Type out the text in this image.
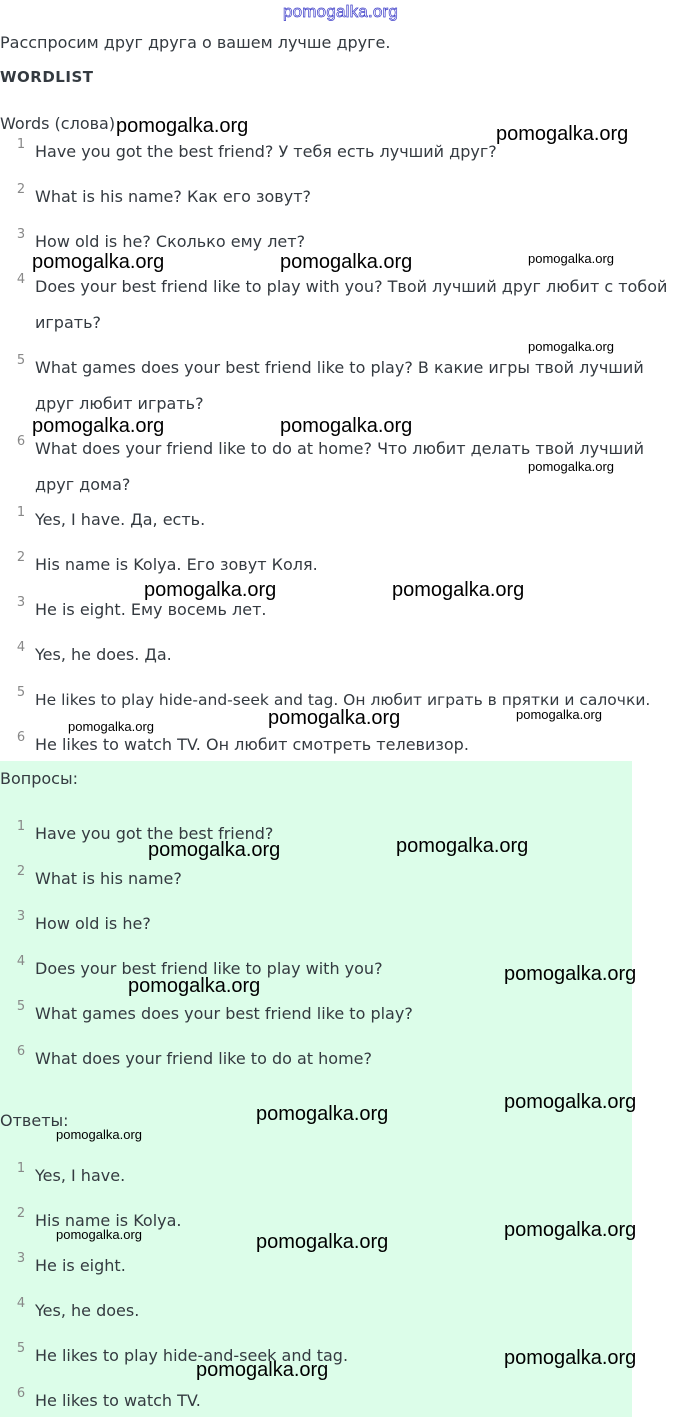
pomogalka.org
Расспросим друг друга о вашем лучше друге.
WORDLIST
Words (слова)
1 Have you got the best friend? У тебя есть лучший друг?
2 What is his name? Как его зовут?
3 How old is he? Сколько ему лет?
4 Does your best friend like to play with you? Твой лучший друг любит с тобой играть?
5 What games does your best friend like to play? В какие игры твой лучший друг любит играть?
6 What does your friend like to do at home? Что любит делать твой лучший друг дома?
1 Yes, I have. Да, есть.
2 His name is Kolya. Его зовут Коля.
3 He is eight. Ему восемь лет.
4 Yes, he does. Да.
5 He likes to play hide-and-seek and tag. Он любит играть в прятки и салочки.
6 He likes to watch TV. Он любит смотреть телевизор.
Вопросы:
1 Have you got the best friend?
2 What is his name?
3 How old is he?
4 Does your best friend like to play with you?
5 What games does your best friend like to play?
6 What does your friend like to do at home?
Ответы:
1 Yes, I have.
2 His name is Kolya.
3 He is eight.
4 Yes, he does.
5 He likes to play hide-and-seek and tag.
6 He likes to watch TV.
pomogalka.org	pomogalka.org
pomogalka.org	pomogalka.org	pomogalka.org
pomogalka.org
pomogalka.org	pomogalka.org
pomogalka.org
pomogalka.org	pomogalka.org
pomogalka.org	pomogalka.org	pomogalka.org
pomogalka.org	pomogalka.org
pomogalka.org
pomogalka.org
pomogalka.org
pomogalka.org
pomogalka.org
pomogalka.org	pomogalka.org
pomogalka.org
pomogalka.org
pomogalka.org
